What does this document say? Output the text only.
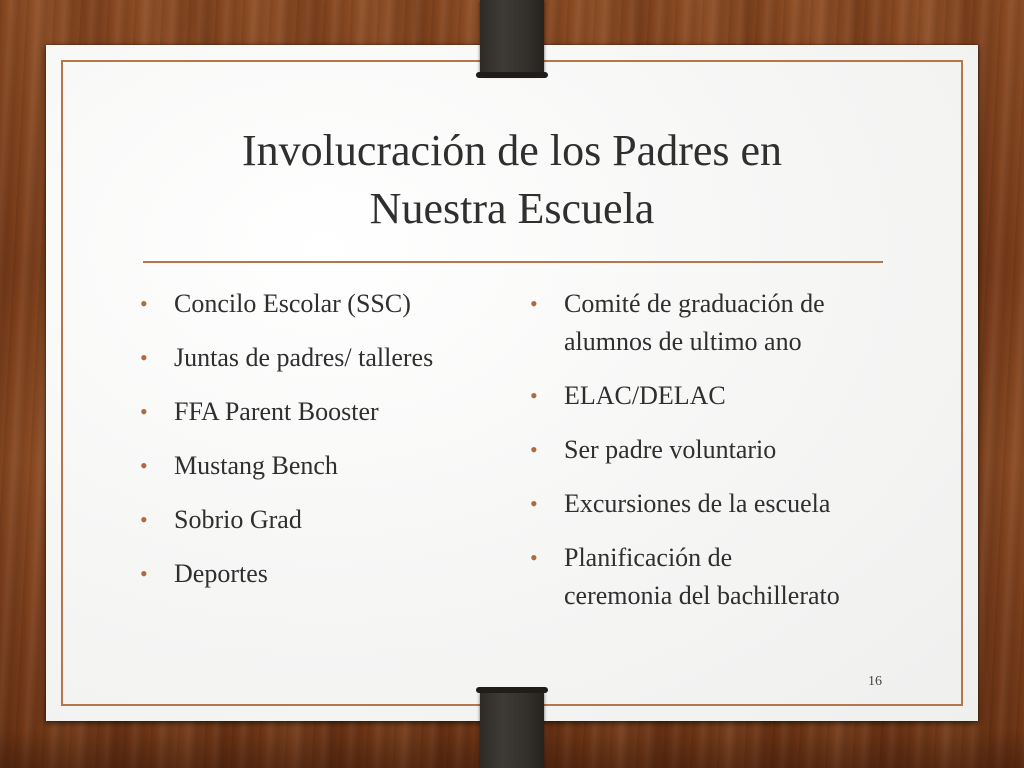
Involucración de los Padres en
Nuestra Escuela
• Concilo Escolar (SSC)
• Juntas de padres/ talleres
• FFA Parent Booster
• Mustang Bench
• Sobrio Grad
• Deportes
• Comité de graduación de
alumnos de ultimo ano
• ELAC/DELAC
• Ser padre voluntario
• Excursiones de la escuela
• Planificación de
ceremonia del bachillerato
16
